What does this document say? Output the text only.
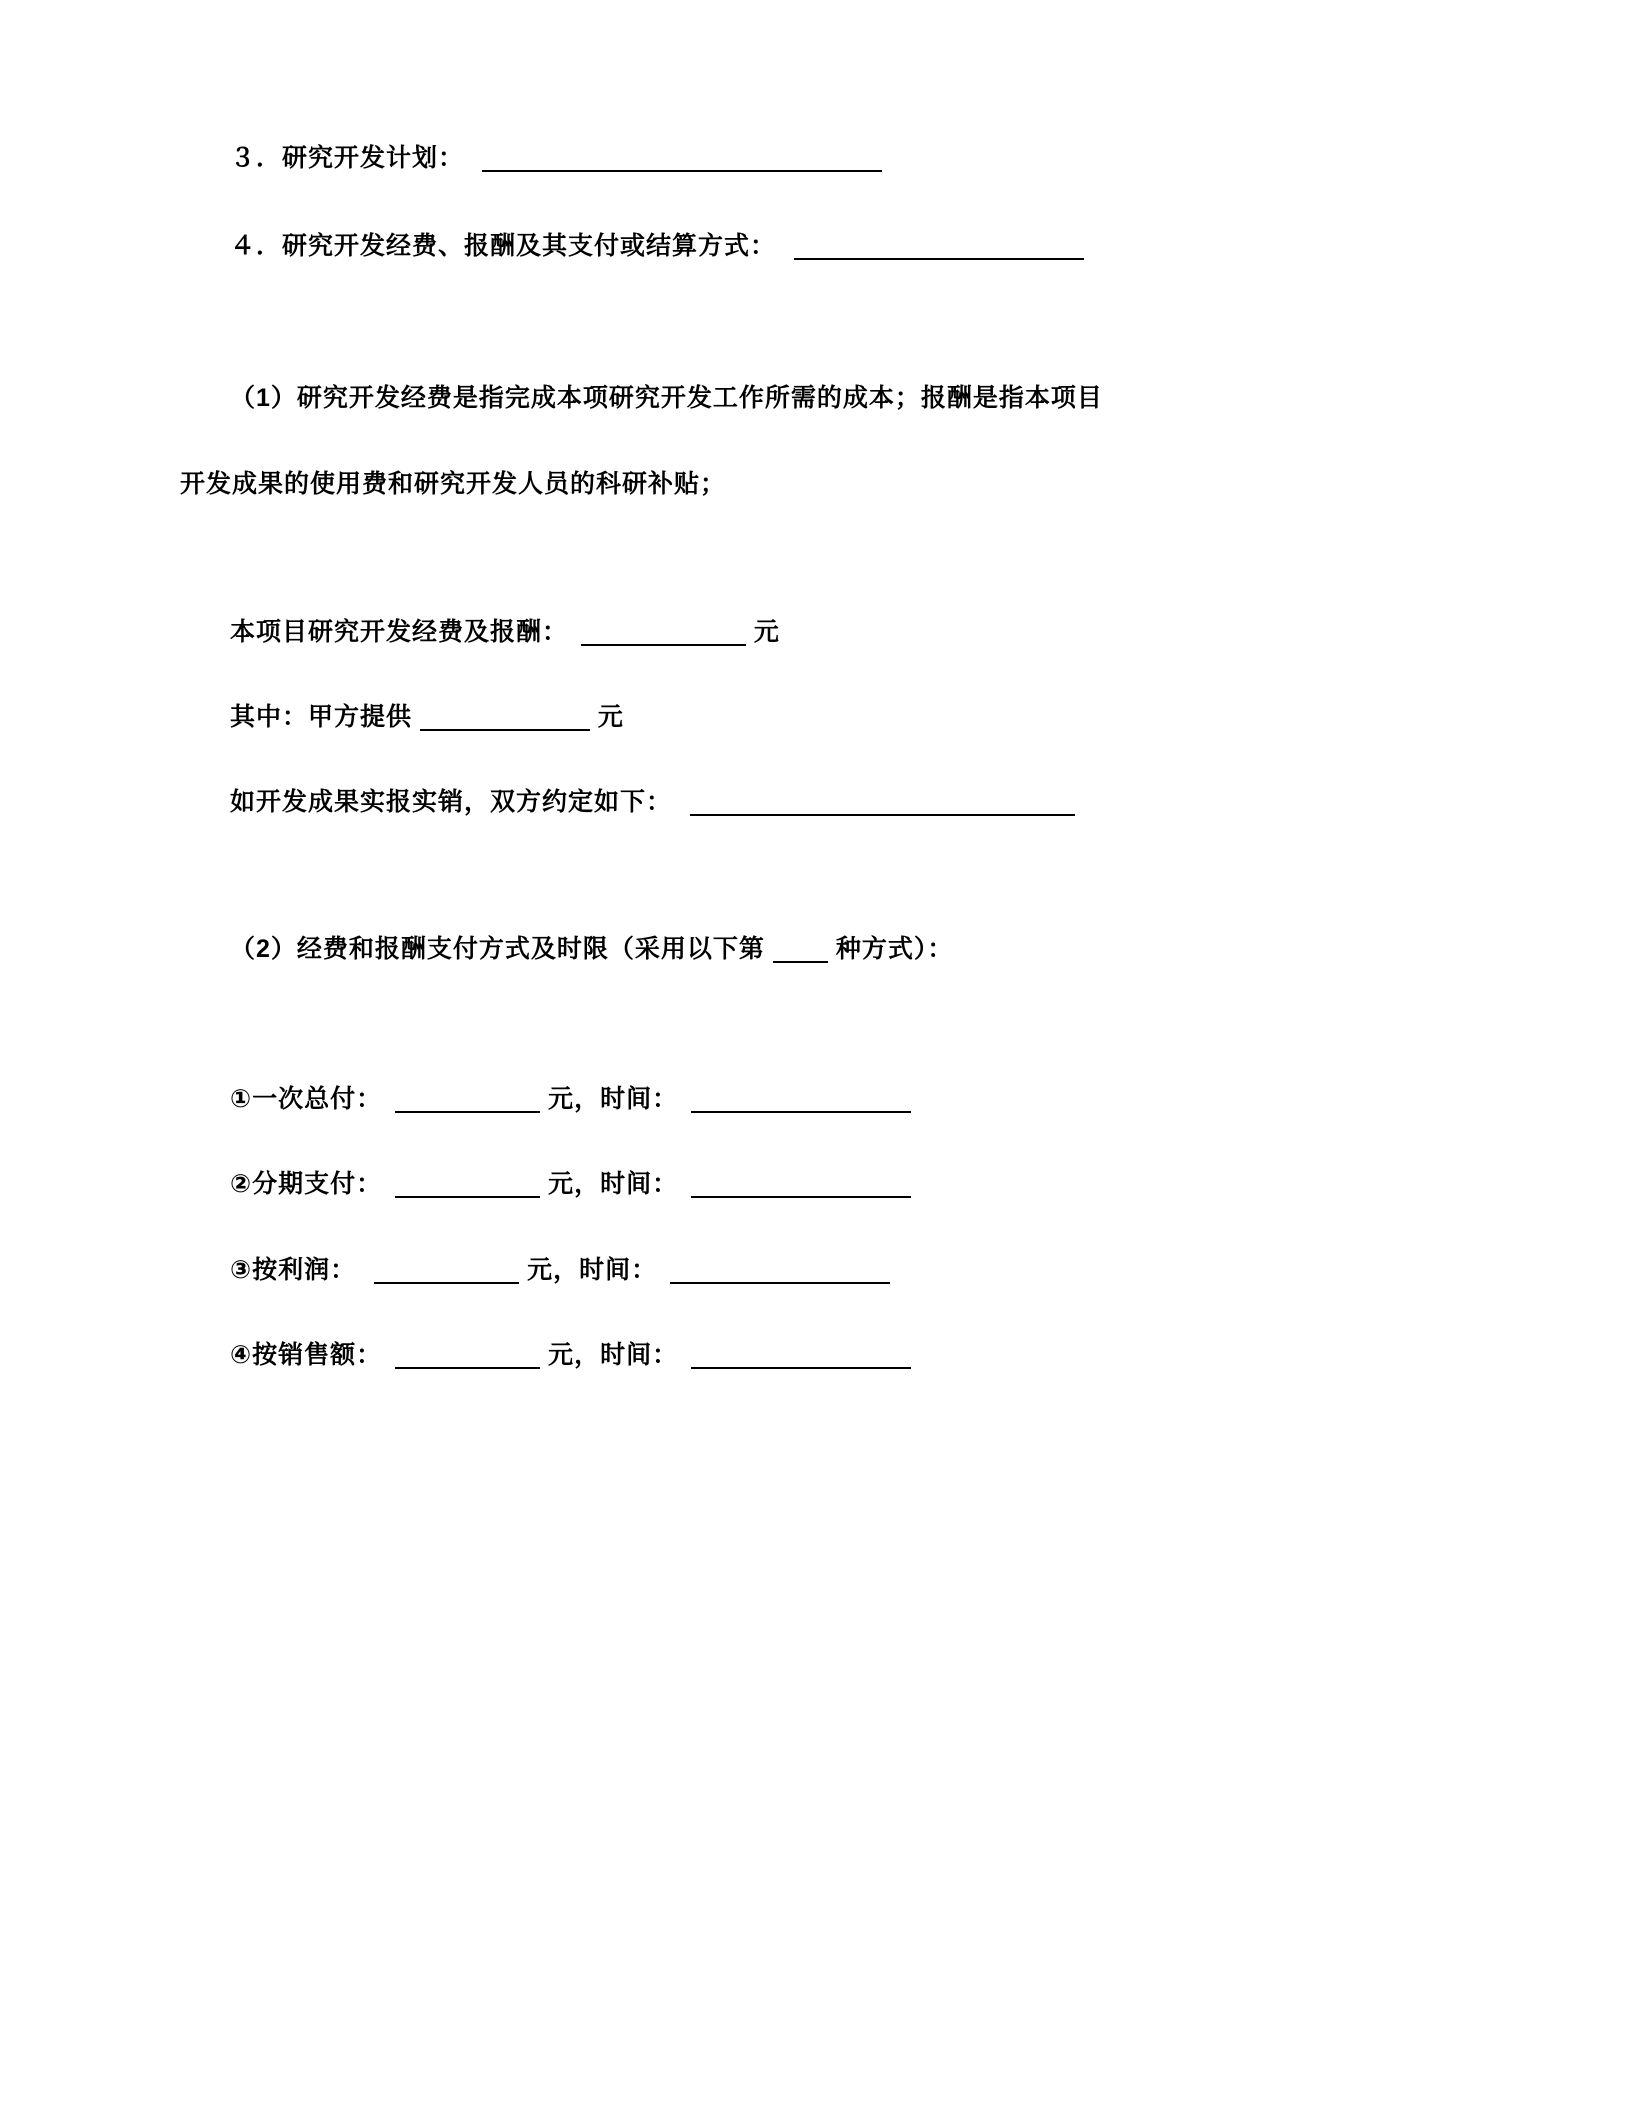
３．研究开发计划：
４．研究开发经费、报酬及其支付或结算方式：
（1）研究开发经费是指完成本项研究开发工作所需的成本；报酬是指本项目
开发成果的使用费和研究开发人员的科研补贴；
本项目研究开发经费及报酬：	元
其中：甲方提供	元
如开发成果实报实销，双方约定如下：
（2）经费和报酬支付方式及时限（采用以下第	种方式）：
①一次总付：	元，时间：
②分期支付：	元，时间：
③按利润：	元，时间：
④按销售额：	元，时间：
